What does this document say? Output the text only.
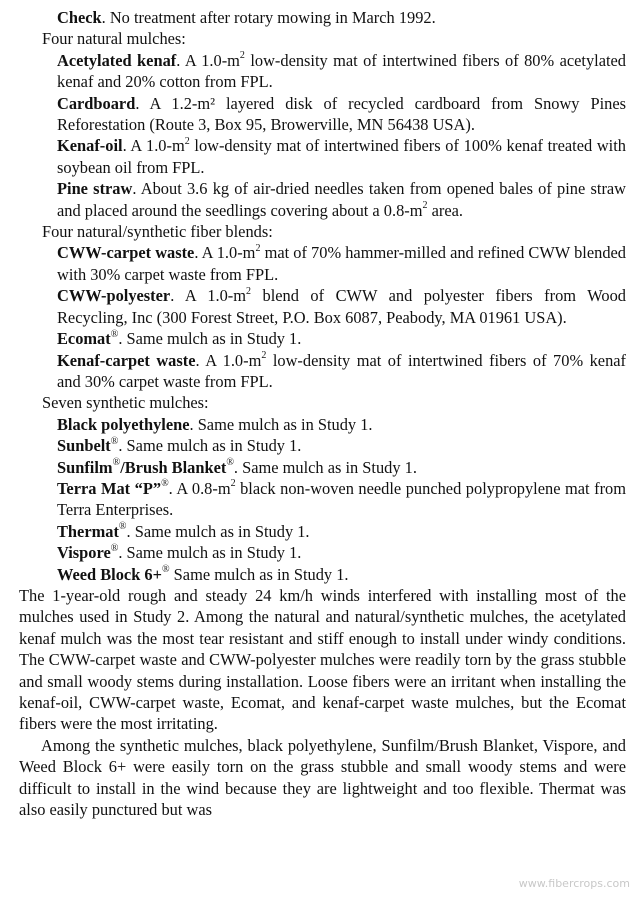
Check. No treatment after rotary mowing in March 1992.
Four natural mulches:
Acetylated kenaf. A $1.0-m^2$ low-density mat of intertwined fibers of 80% acetylated kenaf and 20% cotton from FPL.
Cardboard. A 1.2-m² layered disk of recycled cardboard from Snowy Pines Reforestation (Route 3, Box 95, Browerville, MN 56438 USA).
Kenaf-oil. A $1.0-m^2$ low-density mat of intertwined fibers of 100% kenaf treated with soybean oil from FPL.
Pine straw. About 3.6 kg of air-dried needles taken from opened bales of pine straw and placed around the seedlings covering about a $0.8-m^2$ area.
Four natural/synthetic fiber blends:
CWW-carpet waste. A $1.0-m^2$ mat of 70% hammer-milled and refined CWW blended with 30% carpet waste from FPL.
CWW-polyester. A $1.0-m^2$ blend of CWW and polyester fibers from Wood Recycling, Inc (300 Forest Street, P.O. Box 6087, Peabody, MA 01961 USA).
Ecomat®. Same mulch as in Study 1.
Kenaf-carpet waste. A $1.0-m^2$ low-density mat of intertwined fibers of 70% kenaf and 30% carpet waste from FPL.
Seven synthetic mulches:
Black polyethylene. Same mulch as in Study 1.
Sunbelt®. Same mulch as in Study 1.
Sunfilm®/Brush Blanket®. Same mulch as in Study 1.
Terra Mat “P”®. A $0.8-m^2$ black non-woven needle punched polypropylene mat from Terra Enterprises.
Thermat®. Same mulch as in Study 1.
Vispore®. Same mulch as in Study 1.
Weed Block 6+® Same mulch as in Study 1.
The 1-year-old rough and steady 24 km/h winds interfered with installing most of the mulches used in Study 2. Among the natural and natural/synthetic mulches, the acetylated kenaf mulch was the most tear resistant and stiff enough to install under windy conditions. The CWW-carpet waste and CWW-polyester mulches were readily torn by the grass stubble and small woody stems during installation. Loose fibers were an irritant when installing the kenaf-oil, CWW-carpet waste, Ecomat, and kenaf-carpet waste mulches, but the Ecomat fibers were the most irritating.
Among the synthetic mulches, black polyethylene, Sunfilm/Brush Blanket, Vispore, and Weed Block 6+ were easily torn on the grass stubble and small woody stems and were difficult to install in the wind because they are lightweight and too flexible. Thermat was also easily punctured but was
www.fibercrops.com
